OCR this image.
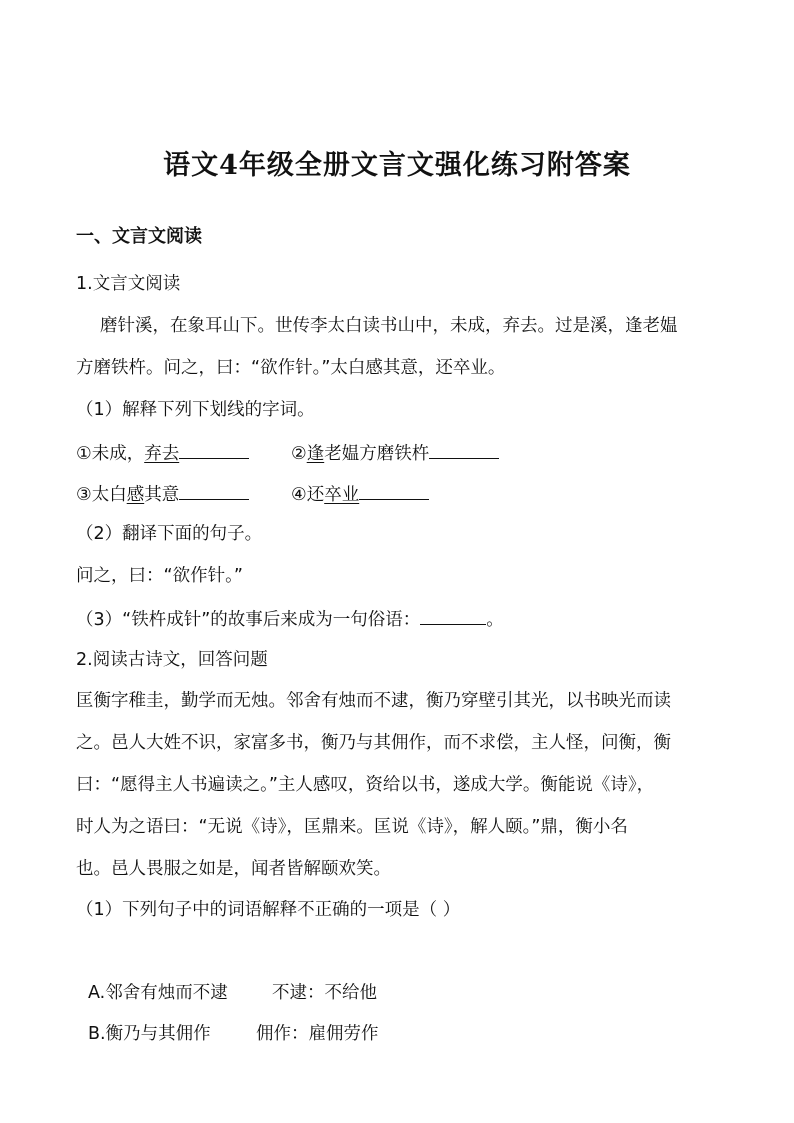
语文4年级全册文言文强化练习附答案
一、文言文阅读
1.文言文阅读
磨针溪，在象耳山下。世传李太白读书山中，未成，弃去。过是溪，逢老媪
方磨铁杵。问之，曰：“欲作针。”太白感其意，还卒业。
（1）解释下列下划线的字词。
①未成，弃去	②逢老媪方磨铁杵
③太白感其意	④还卒业
（2）翻译下面的句子。
问之，曰：“欲作针。”
（3）“铁杵成针”的故事后来成为一句俗语：	。
2.阅读古诗文，回答问题
匡衡字稚圭，勤学而无烛。邻舍有烛而不逮，衡乃穿壁引其光，以书映光而读
之。邑人大姓不识，家富多书，衡乃与其佣作，而不求偿，主人怪，问衡，衡
曰：“愿得主人书遍读之。”主人感叹，资给以书，遂成大学。衡能说《诗》，
时人为之语曰：“无说《诗》，匡鼎来。匡说《诗》，解人颐。”鼎，衡小名
也。邑人畏服之如是，闻者皆解颐欢笑。
（1）下列句子中的词语解释不正确的一项是（ ）
A.邻舍有烛而不逮	不逮：不给他
B.衡乃与其佣作	佣作：雇佣劳作
